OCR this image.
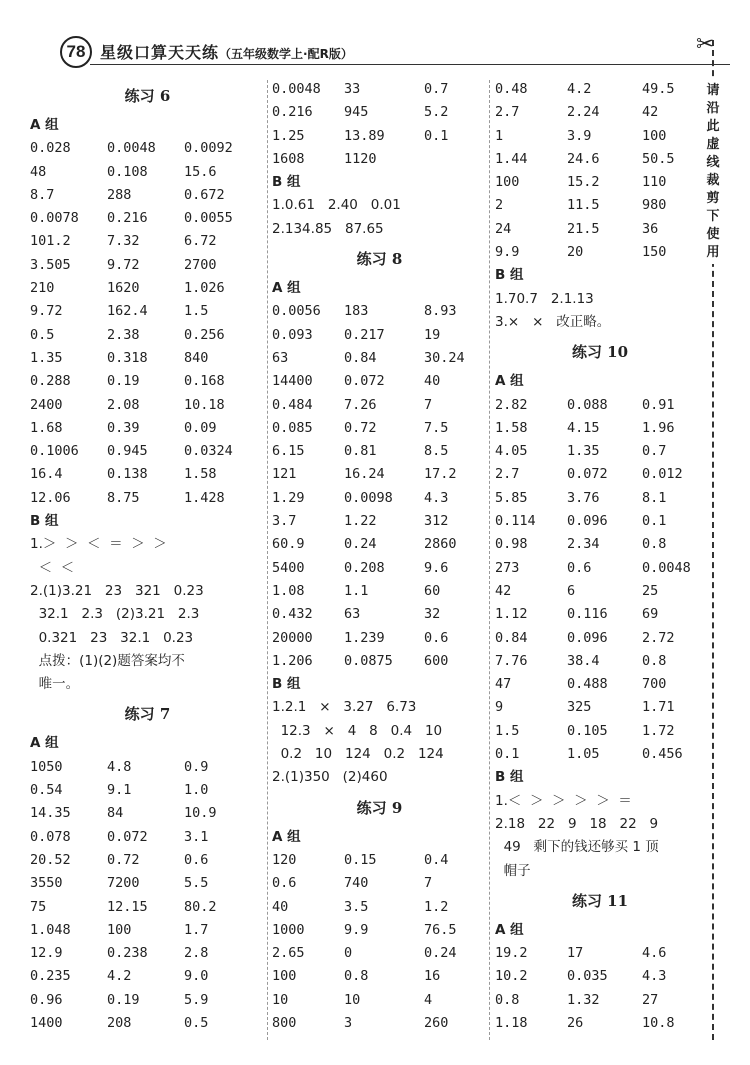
78 星级口算天天练（五年级数学上·配R版）
练习 6
A 组
0.028	0.0048 0.0092
48	0.108	15.6
8.7	288	0.672
0.0078 0.216	0.0055
101.2	7.32	6.72
3.505	9.72	2700
210	1620	1.026
9.72	162.4	1.5
0.5	2.38	0.256
1.35	0.318	840
0.288	0.19	0.168
2400	2.08	10.18
1.68	0.39	0.09
0.1006 0.945	0.0324
16.4	0.138	1.58
12.06	8.75	1.428
B 组
1.＞  ＞  ＜  ＝  ＞  ＞
＜  ＜
2.(1)3.21   23   321   0.23
32.1   2.3   (2)3.21   2.3
0.321   23   32.1   0.23
点拨：(1)(2)题答案均不
唯一。
练习 7
A 组
1050	4.8	0.9
0.54	9.1	1.0
14.35	84	10.9
0.078	0.072	3.1
20.52	0.72	0.6
3550	7200	5.5
75	12.15	80.2
1.048	100	1.7
12.9	0.238	2.8
0.235	4.2	9.0
0.96	0.19	5.9
1400	208	0.5
0.0048 33	0.7
0.216 945	5.2
1.25	13.89	0.1
1608	1120
B 组
1.0.61   2.40   0.01
2.134.85   87.65
练习 8
A 组
0.0056 183	8.93
0.093 0.217	19
63	0.84	30.24
14400 0.072	40
0.484 7.26	7
0.085 0.72	7.5
6.15	0.81	8.5
121	16.24	17.2
1.29	0.0098 4.3
3.7	1.22	312
60.9	0.24	2860
5400	0.208	9.6
1.08	1.1	60
0.432 63	32
20000 1.239	0.6
1.206 0.0875 600
B 组
1.2.1   ×   3.27   6.73
12.3   ×   4   8   0.4   10
0.2   10   124   0.2   124
2.(1)350   (2)460
练习 9
A 组
120	0.15	0.4
0.6	740	7
40	3.5	1.2
1000	9.9	76.5
2.65	0	0.24
100	0.8	16
10	10	4
800	3	260
0.48	4.2	49.5
2.7	2.24	42
1	3.9	100
1.44	24.6	50.5
100	15.2	110
2	11.5	980
24	21.5	36
9.9	20	150
B 组
1.70.7   2.1.13
3.×   ×   改正略。
练习 10
A 组
2.82	0.088	0.91
1.58	4.15	1.96
4.05	1.35	0.7
2.7	0.072	0.012
5.85	3.76	8.1
0.114 0.096	0.1
0.98	2.34	0.8
273	0.6	0.0048
42	6	25
1.12	0.116	69
0.84	0.096	2.72
7.76	38.4	0.8
47	0.488	700
9	325	1.71
1.5	0.105	1.72
0.1	1.05	0.456
B 组
1.＜  ＞  ＞  ＞  ＞  ＝
2.18   22   9   18   22   9
49   剩下的钱还够买 1 顶
帽子
练习 11
A 组
19.2	17	4.6
10.2	0.035	4.3
0.8	1.32	27
1.18	26	10.8
✂
请沿此虚线裁剪下使用
